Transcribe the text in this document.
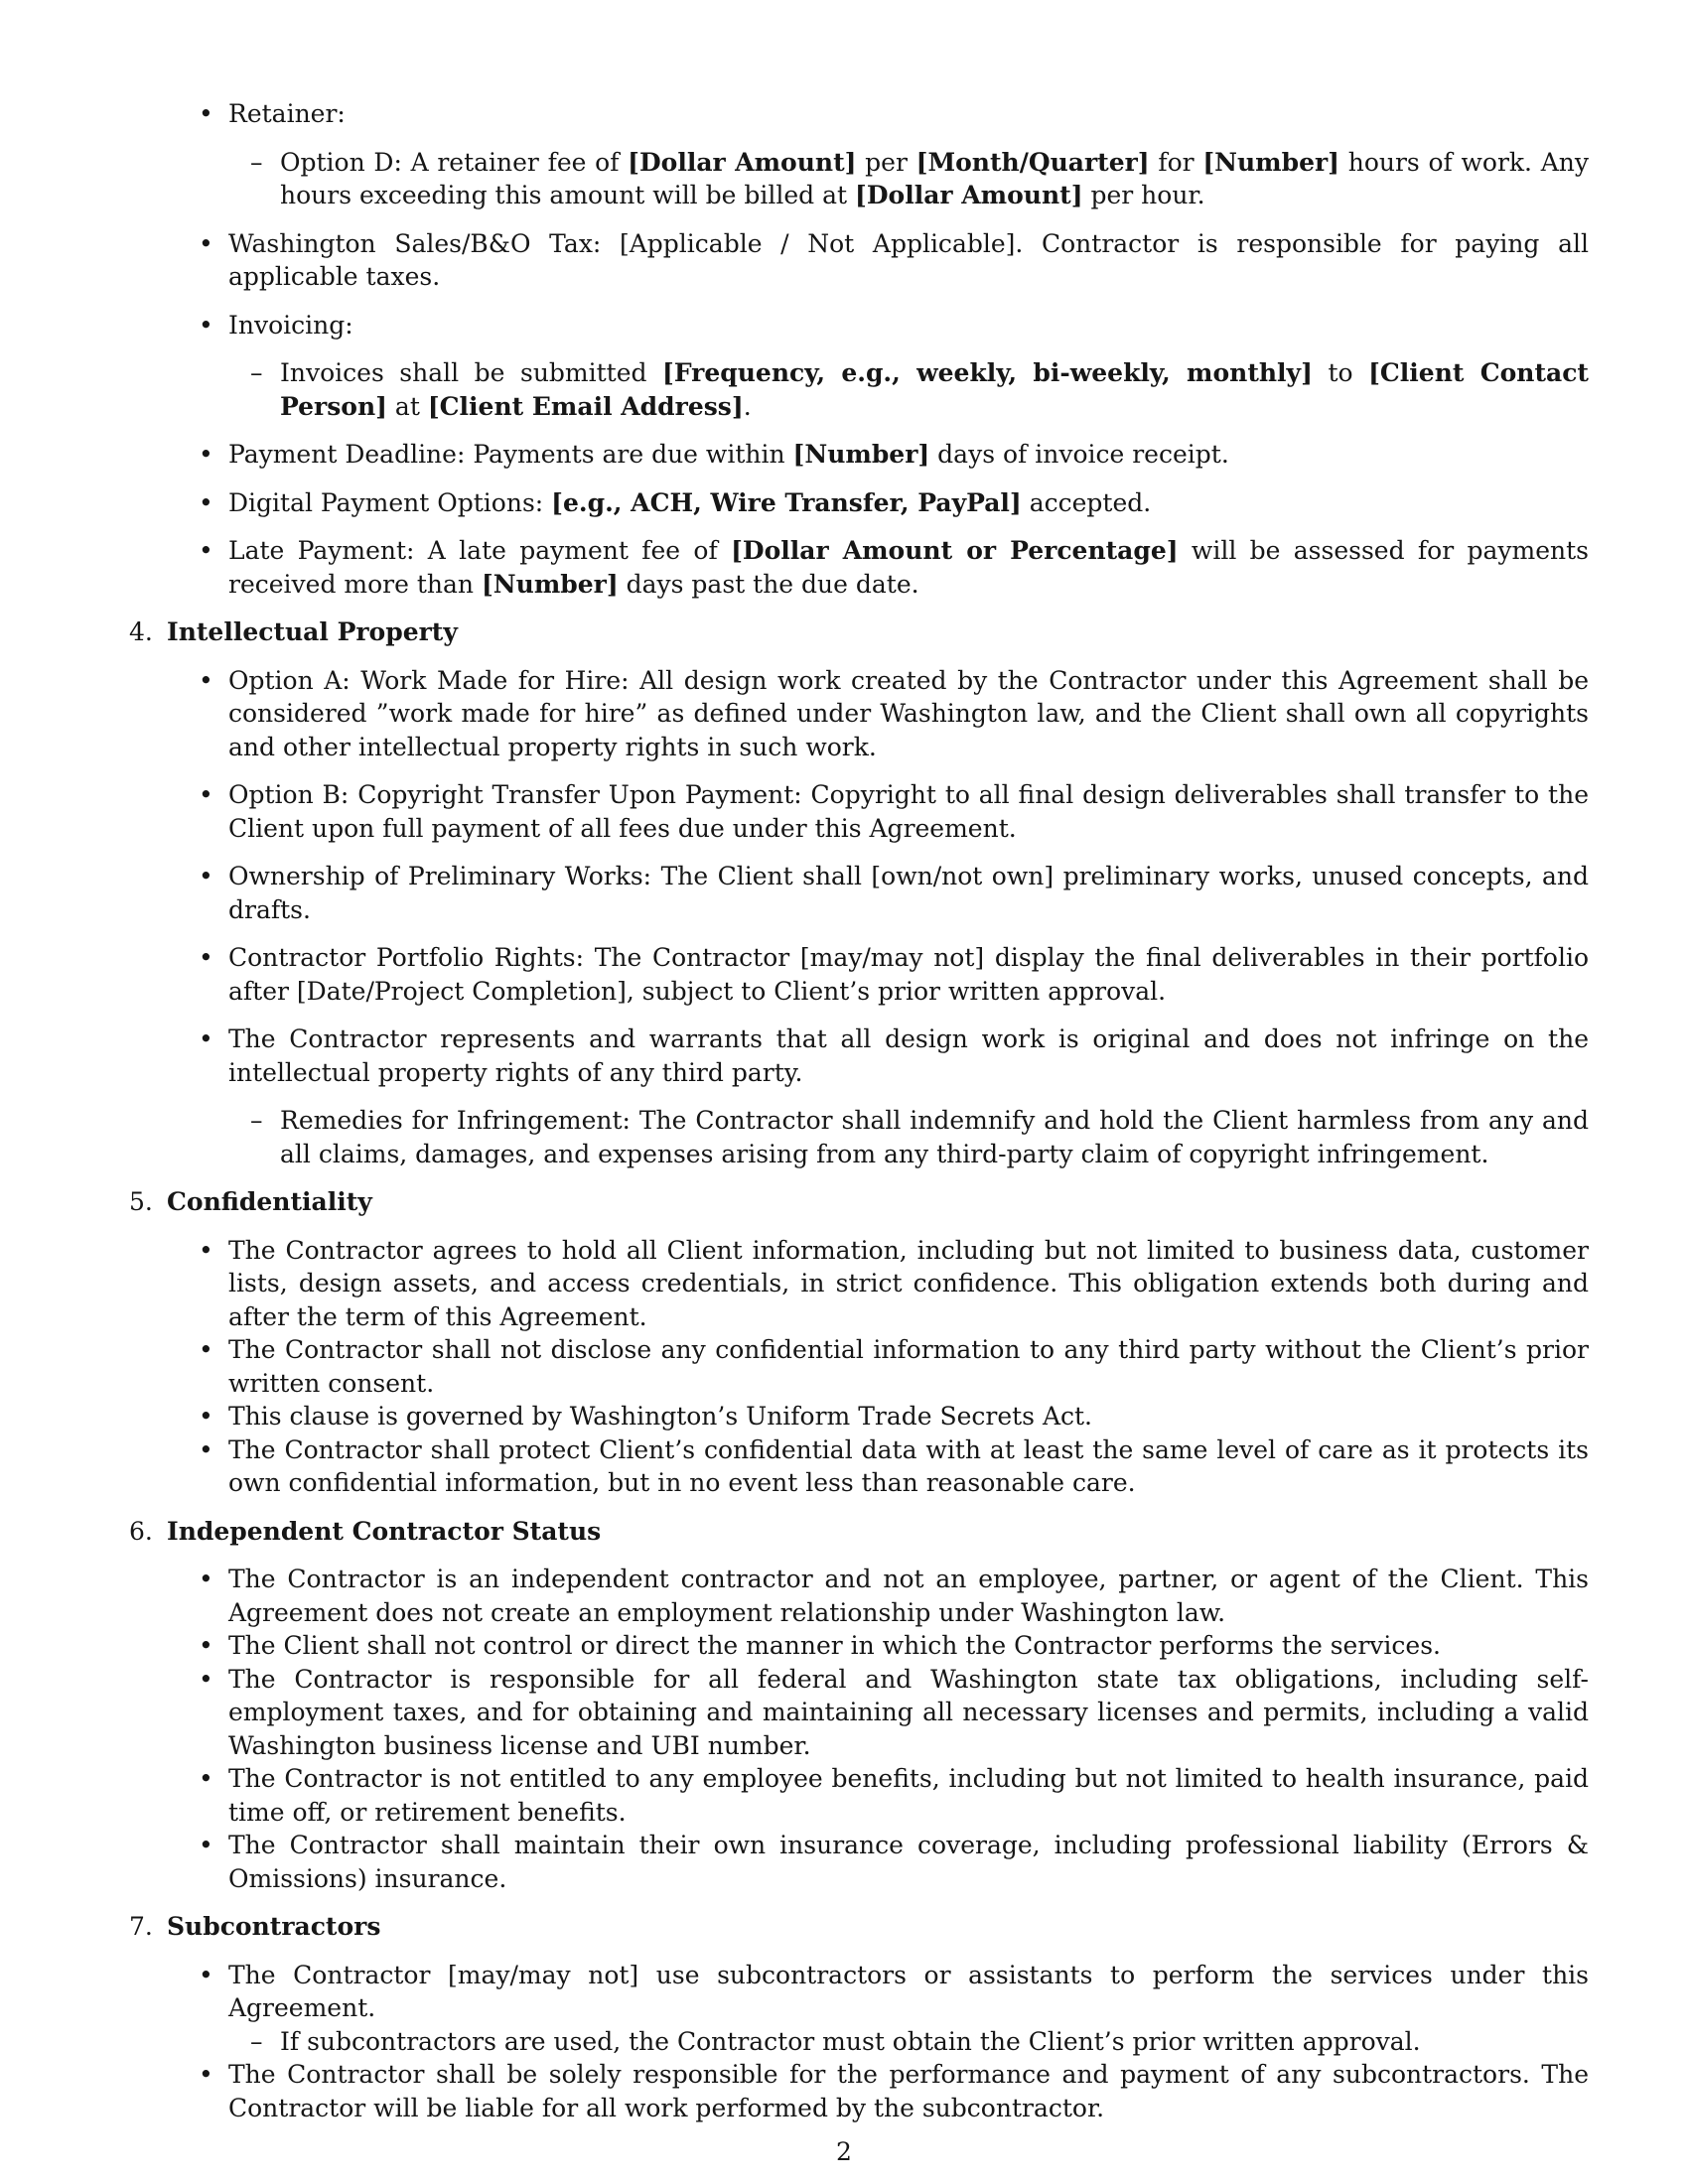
• Retainer:
– Option D: A retainer fee of [Dollar Amount] per [Month/Quarter] for [Number] hours of work. Any hours exceeding this amount will be billed at [Dollar Amount] per hour.
• Washington Sales/B&O Tax: [Applicable / Not Applicable]. Contractor is responsible for paying all applicable taxes.
• Invoicing:
– Invoices shall be submitted [Frequency, e.g., weekly, bi-weekly, monthly] to [Client Contact Person] at [Client Email Address].
• Payment Deadline: Payments are due within [Number] days of invoice receipt.
• Digital Payment Options: [e.g., ACH, Wire Transfer, PayPal] accepted.
• Late Payment: A late payment fee of [Dollar Amount or Percentage] will be assessed for payments received more than [Number] days past the due date.
4. Intellectual Property
• Option A: Work Made for Hire: All design work created by the Contractor under this Agreement shall be considered ”work made for hire” as defined under Washington law, and the Client shall own all copyrights and other intellectual property rights in such work.
• Option B: Copyright Transfer Upon Payment: Copyright to all final design deliverables shall transfer to the Client upon full payment of all fees due under this Agreement.
• Ownership of Preliminary Works: The Client shall [own/not own] preliminary works, unused concepts, and drafts.
• Contractor Portfolio Rights: The Contractor [may/may not] display the final deliverables in their portfolio after [Date/Project Completion], subject to Client’s prior written approval.
• The Contractor represents and warrants that all design work is original and does not infringe on the intellectual property rights of any third party.
– Remedies for Infringement: The Contractor shall indemnify and hold the Client harmless from any and all claims, damages, and expenses arising from any third-party claim of copyright infringement.
5. Confidentiality
• The Contractor agrees to hold all Client information, including but not limited to business data, customer lists, design assets, and access credentials, in strict confidence. This obligation extends both during and after the term of this Agreement.
• The Contractor shall not disclose any confidential information to any third party without the Client’s prior written consent.
• This clause is governed by Washington’s Uniform Trade Secrets Act.
• The Contractor shall protect Client’s confidential data with at least the same level of care as it protects its own confidential information, but in no event less than reasonable care.
6. Independent Contractor Status
• The Contractor is an independent contractor and not an employee, partner, or agent of the Client. This Agreement does not create an employment relationship under Washington law.
• The Client shall not control or direct the manner in which the Contractor performs the services.
• The Contractor is responsible for all federal and Washington state tax obligations, including self-employment taxes, and for obtaining and maintaining all necessary licenses and permits, including a valid Washington business license and UBI number.
• The Contractor is not entitled to any employee benefits, including but not limited to health insurance, paid time off, or retirement benefits.
• The Contractor shall maintain their own insurance coverage, including professional liability (Errors & Omissions) insurance.
7. Subcontractors
• The Contractor [may/may not] use subcontractors or assistants to perform the services under this Agreement.
– If subcontractors are used, the Contractor must obtain the Client’s prior written approval.
• The Contractor shall be solely responsible for the performance and payment of any subcontractors. The Contractor will be liable for all work performed by the subcontractor.
2
